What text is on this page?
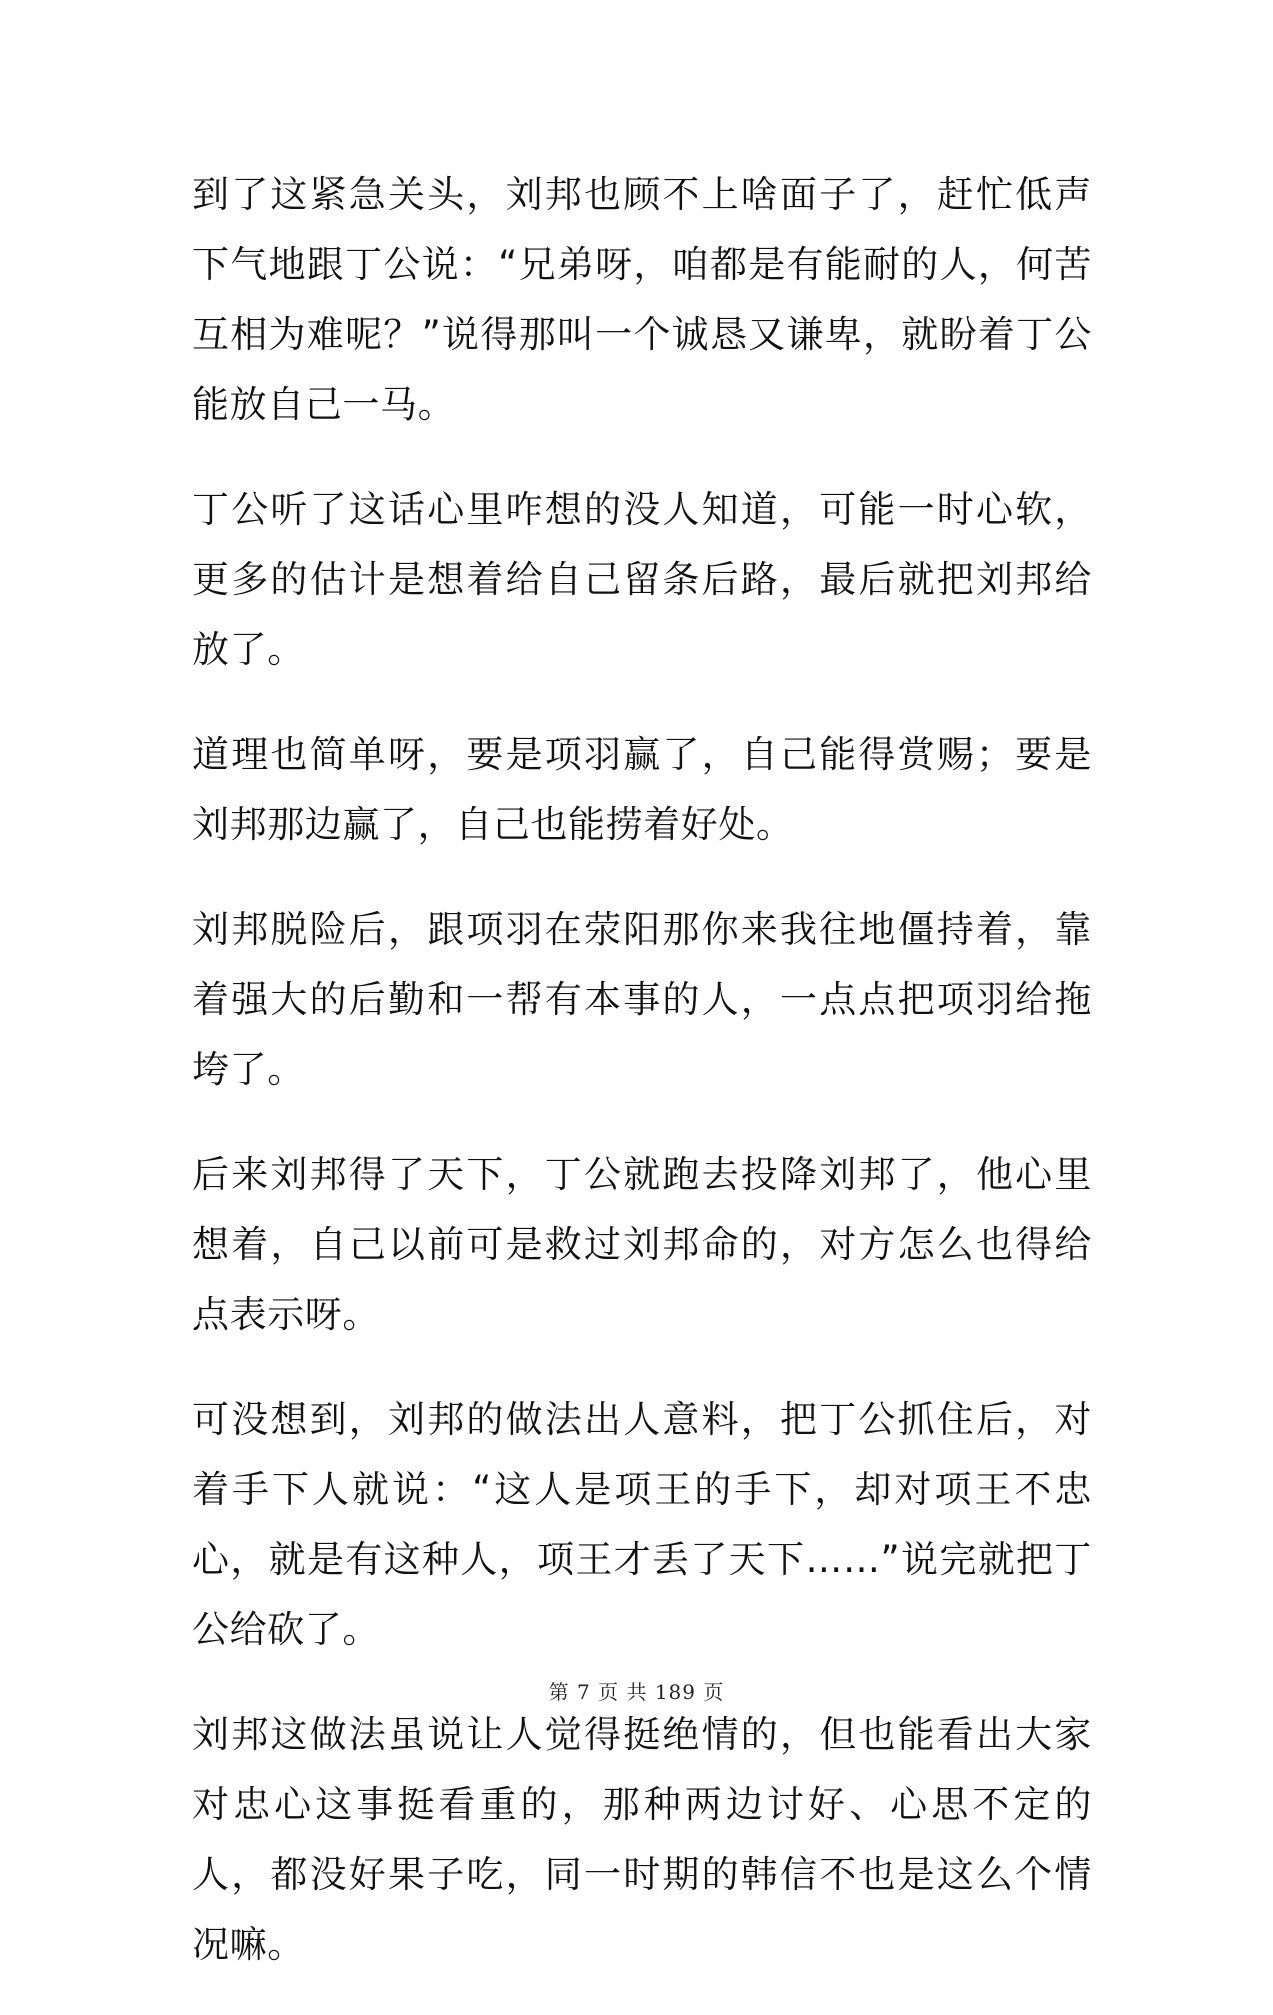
到了这紧急关头，刘邦也顾不上啥面子了，赶忙低声下气地跟丁公说：“兄弟呀，咱都是有能耐的人，何苦互相为难呢？”说得那叫一个诚恳又谦卑，就盼着丁公能放自己一马。

丁公听了这话心里咋想的没人知道，可能一时心软，更多的估计是想着给自己留条后路，最后就把刘邦给放了。

道理也简单呀，要是项羽赢了，自己能得赏赐；要是刘邦那边赢了，自己也能捞着好处。

刘邦脱险后，跟项羽在荥阳那你来我往地僵持着，靠着强大的后勤和一帮有本事的人，一点点把项羽给拖垮了。

后来刘邦得了天下，丁公就跑去投降刘邦了，他心里想着，自己以前可是救过刘邦命的，对方怎么也得给点表示呀。

可没想到，刘邦的做法出人意料，把丁公抓住后，对着手下人就说：“这人是项王的手下，却对项王不忠心，就是有这种人，项王才丢了天下……”说完就把丁公给砍了。

刘邦这做法虽说让人觉得挺绝情的，但也能看出大家对忠心这事挺看重的，那种两边讨好、心思不定的人，都没好果子吃，同一时期的韩信不也是这么个情况嘛。

第 7 页 共 189 页
